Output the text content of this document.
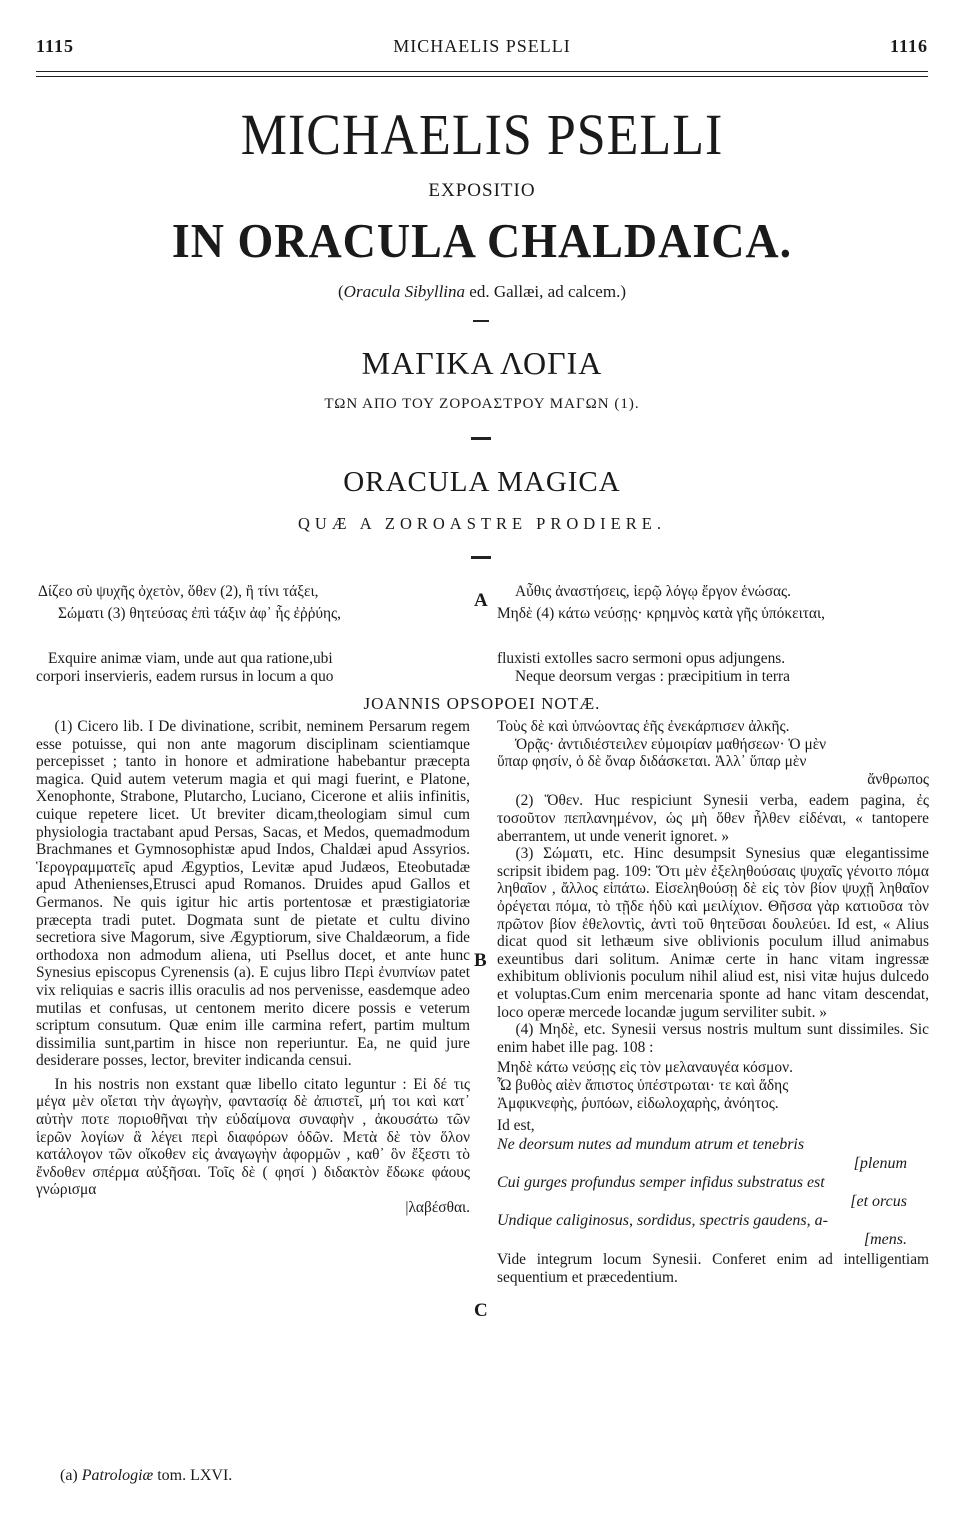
1115	MICHAELIS PSELLI	1116
MICHAELIS PSELLI
EXPOSITIO
IN ORACULA CHALDAICA.
(Oracula Sibyllina ed. Gallæi, ad calcem.)
ΜΑΓΙΚΑ ΛΟΓΙΑ
ΤΩΝ ΑΠΟ ΤΟΥ ΖΟΡΟΑΣΤΡΟΥ ΜΑΓΩΝ (1).
ORACULA MAGICA
QUÆ A ZOROASTRE PRODIERE.
Δίζεο σὺ ψυχῆς ὀχετὸν, ὅθεν (2), ἢ τίνι τάξει,
Σώματι (3) θητεύσας ἐπὶ τάξιν ἀφ᾽ ἧς ἐῤῥύης,
A	Αὖθις ἀναστήσεις, ἱερῷ λόγῳ ἔργον ἑνώσας.
Μηδὲ (4) κάτω νεύσῃς· κρημνὸς κατὰ γῆς ὑπόκειται,
Exquire animæ viam, unde aut qua ratione,ubi
corpori inservieris, eadem rursus in locum a quo
fluxisti extolles sacro sermoni opus adjungens.
Neque deorsum vergas : præcipitium in terra
JOANNIS OPSOPOEI NOTÆ.

(1) Cicero lib. I De divinatione, scribit, neminem Persarum regem esse potuisse, qui non ante magorum disciplinam scientiamque percepisset ; tanto in honore et admiratione habebantur præcepta magica. Quid autem veterum magia et qui magi fuerint, e Platone, Xenophonte, Strabone, Plutarcho, Luciano, Cicerone et aliis infinitis, cuique repetere licet. Ut breviter dicam,theologiam simul cum physiologia tractabant apud Persas, Sacas, et Medos, quemadmodum Brachmanes et Gymnosophistæ apud Indos, Chaldæi apud Assyrios. Ἱερογραμματεῖς apud Ægyptios, Levitæ apud Judæos, Eteobutadæ apud Athenienses,Etrusci apud Romanos. Druides apud Gallos et Germanos. Ne quis igitur hic artis portentosæ et præstigiatoriæ præcepta tradi putet. Dogmata sunt de pietate et cultu divino secretiora sive Magorum, sive Ægyptiorum, sive Chaldæorum, a fide orthodoxa non admodum aliena, uti Psellus docet, et ante hunc Synesius episcopus Cyrenensis (a). E cujus libro Περὶ ἐνυπνίων patet vix reliquias e sacris illis oraculis ad nos pervenisse, easdemque adeo mutilas et confusas, ut centonem merito dicere possis e veterum scriptum consutum. Quæ enim ille carmina refert, partim multum dissimilia sunt,partim in hisce non reperiuntur. Ea, ne quid jure desiderare posses, lector, breviter indicanda censui.

In his nostris non exstant quæ libello citato leguntur : Εἰ δέ τις μέγα μὲν οἴεται τὴν ἀγωγὴν, φαντασίᾳ δὲ ἀπιστεῖ, μή τοι καὶ κατ᾽ αὐτὴν ποτε ποριοθῆναι τὴν εὐδαίμονα συναφὴν , ἀκουσάτω τῶν ἱερῶν λογίων ἃ λέγει περὶ διαφόρων ὁδῶν. Μετὰ δὲ τὸν ὅλον κατάλογον τῶν οἴκοθεν εἰς ἀναγωγὴν ἀφορμῶν , καθ᾽ ὃν ἔξεστι τὸ ἔνδοθεν σπέρμα αὐξῆσαι. Τοῖς δὲ ( φησί ) διδακτὸν ἔδωκε φάους γνώρισμα

|λαβέσθαι.
B
C
Τοὺς δὲ καὶ ὑπνώοντας ἑῆς ἐνεκάρπισεν ἀλκῆς.
Ὁρᾷς· ἀντιδιέστειλεν εὐμοιρίαν μαθήσεων· Ὁ μὲν
ὕπαρ φησίν, ὁ δὲ ὄναρ διδάσκεται. Ἀλλ᾽ ὕπαρ μὲν
ἄνθρωπος

(2) Ὅθεν. Huc respiciunt Synesii verba, eadem pagina, ἐς τοσοῦτον πεπλανημένον, ὡς μὴ ὅθεν ἦλθεν εἰδέναι, « tantopere aberrantem, ut unde venerit ignoret. »

(3) Σώματι, etc. Hinc desumpsit Synesius quæ elegantissime scripsit ibidem pag. 109: Ὅτι μὲν ἐξεληθούσαις ψυχαῖς γένοιτο πόμα ληθαῖον , ἄλλος εἰπάτω. Εἰσεληθούσῃ δὲ εἰς τὸν βίον ψυχῇ ληθαῖον ὀρέγεται πόμα, τὸ τῇδε ἡδὺ καὶ μειλίχιον. Θῆσσα γὰρ κατιοῦσα τὸν πρῶτον βίον ἐθελοντὶς, ἀντὶ τοῦ θητεῦσαι δουλεύει. Id est, « Alius dicat quod sit lethæum sive oblivionis poculum illud animabus exeuntibus dari solitum. Animæ certe in hanc vitam ingressæ exhibitum oblivionis poculum nihil aliud est, nisi vitæ hujus dulcedo et voluptas.Cum enim mercenaria sponte ad hanc vitam descendat, loco operæ mercede locandæ jugum serviliter subit. »

(4) Μηδὲ, etc. Synesii versus nostris multum sunt dissimiles. Sic enim habet ille pag. 108 :

Μηδὲ κάτω νεύσῃς εἰς τὸν μελαναυγέα κόσμον.
Ὧ βυθὸς αἰὲν ἄπιστος ὑπέστρωται· τε καὶ ἅδης
Ἀμφικνεφὴς, ῥυπόων, εἰδωλοχαρὴς, ἀνόητος.
Id est,
Ne deorsum nutes ad mundum atrum et tenebris
[plenum
Cui gurges profundus semper infidus substratus est
[et orcus
Undique caliginosus, sordidus, spectris gaudens, a-
[mens.

Vide integrum locum Synesii. Conferet enim ad intelligentiam sequentium et præcedentium.

(a) Patrologiæ tom. LXVI.
